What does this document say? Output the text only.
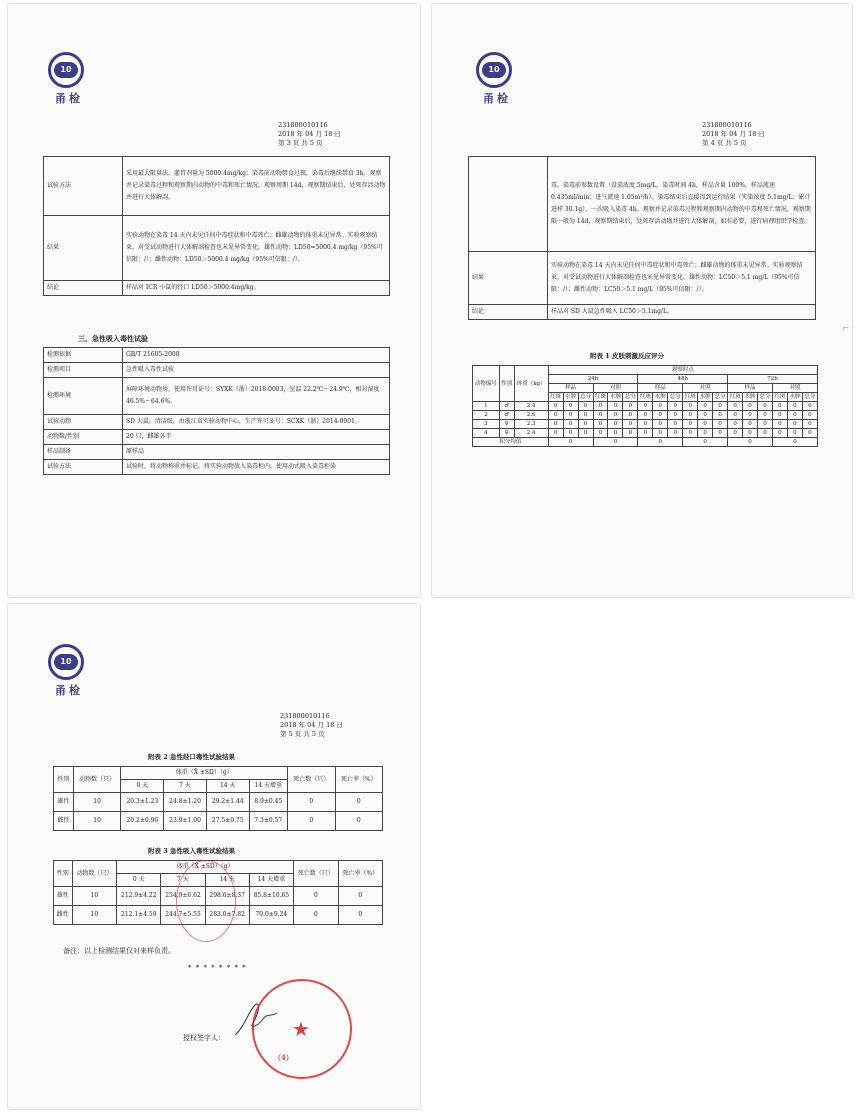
10
甬检
231800010116
2018 年 04 月 18 日
第 3 页 共 5 页
试验方法	采用最大限量法，灌胃剂量为 5000.4mg/kg；染毒前动物禁食过夜，染毒后继续禁食 3h。观察并记录染毒过程和观察期内动物的中毒和死亡情况，观察周期 14d，观察期结束后，处死存活动物并进行大体解剖。
结果	实验动物在染毒 14 天内未见任何中毒症状和中毒死亡；雌雄动物的体重未见异常。实验观察结束，对受试动物进行大体解剖检查也未见异常变化。雄性动物：LD50=5000.4 mg/kg（95%可信限：/）；雌性动物：LD50＞5000.4 mg/kg（95%可信限：/）。
结论	样品对 ICR 小鼠的经口 LD50＞5000.4mg/kg。
三、急性吸入毒性试验
检测依据	GB/T 21605-2008
检测项目	急性吸入毒性试验
检测环境	屏障环境动物房，使用许可证号：SYXK（浙）2018-0003，室温 22.2℃～24.9℃，相对湿度 46.5%～64.6%。
试验动物	SD 大鼠，清洁级，由浙江省实验动物中心，生产许可证号：SCXK（浙）2014-0001。
动物数/性别	20 只，雌雄各半
样品制备	原样品
试验方法	试验时，将动物称重并标记。将实验动物放入染毒柜内，使用动式吸入染毒柜染
10
甬检
231800010116
2018 年 04 月 18 日
第 4 页 共 5 页
⌐
	毒。染毒前参数设置（设染浓度 5mg/L，染毒时间 4h，样品含量 100%，样品流速 0.435ml/min；进气流速 1.05m³/h）。染毒结束后直接得到运行结果（实染浓度 5.1mg/L；累计进样 30.1g），一次吸入染毒 4h。观察并记录染毒过程和观察期内动物的中毒和死亡情况，观察期限一般为 14d，观察期结束后，处死存活动物并进行大体解剖，如有必要，进行病理组织学检查。
结果	实验动物在染毒 14 天内未见任何中毒症状和中毒死亡；雌雄动物的体重未见异常。实验观察结束，对受试动物进行大体解剖检查也未见异常变化。雄性动物：LC50＞5.1 mg/L（95%可信限：/）；雌性动物：LC50＞5.1 mg/L（95%可信限：/）。
结论	样品对 SD 大鼠急性吸入 LC50＞5.1mg/L。
附表 1 皮肤刺激反应评分
动物编号	性别	体重（kg）	观察时点																	
			24h						48h						72h					
			样品			对照			样品			对照			样品			对照		
			红斑	水肿	总分	红斑	水肿	总分	红斑	水肿	总分	红斑	水肿	总分	红斑	水肿	总分	红斑	水肿	总分
1	♂	2.4	0	0	0	0	0	0	0	0	0	0	0	0	0	0	0	0	0	0
2	♂	2.6	0	0	0	0	0	0	0	0	0	0	0	0	0	0	0	0	0	0
3	♀	2.3	0	0	0	0	0	0	0	0	0	0	0	0	0	0	0	0	0	0
4	♀	2.4	0	0	0	0	0	0	0	0	0	0	0	0	0	0	0	0	0	0
积分均值			0			0			0			0			0			0		
10
甬检
231800010116
2018 年 04 月 18 日
第 5 页 共 5 页
附表 2 急性经口毒性试验结果
性别	动物数（只）	体重（X̄ ±SD）（g）				死亡数（只）	死亡率（%）
		0 天	7 天	14 天	14 天增重		
雄性	10	20.3±1.23	24.8±1.20	29.2±1.44	8.9±0.45	0	0
雌性	10	20.2±0.96	23.9±1.00	27.5±0.75	7.3±0.57	0	0
附表 3 急性吸入毒性试验结果
性别	动物数（只）	体重（X̄ ±SD）（g）				死亡数（只）	死亡率（%）
		0 天	7 天	14 天	14 天增重		
雄性	10	212.9±4.22	254.9±6.62	298.6±8.37	85.8±10.65	0	0
雌性	10	212.1±4.59	244.7±5.55	283.0±7.82	70.0±9.24	0	0
备注：以上检测结果仅对来样负责。
* * * * * * * *
授权签字人：	★
（4）
